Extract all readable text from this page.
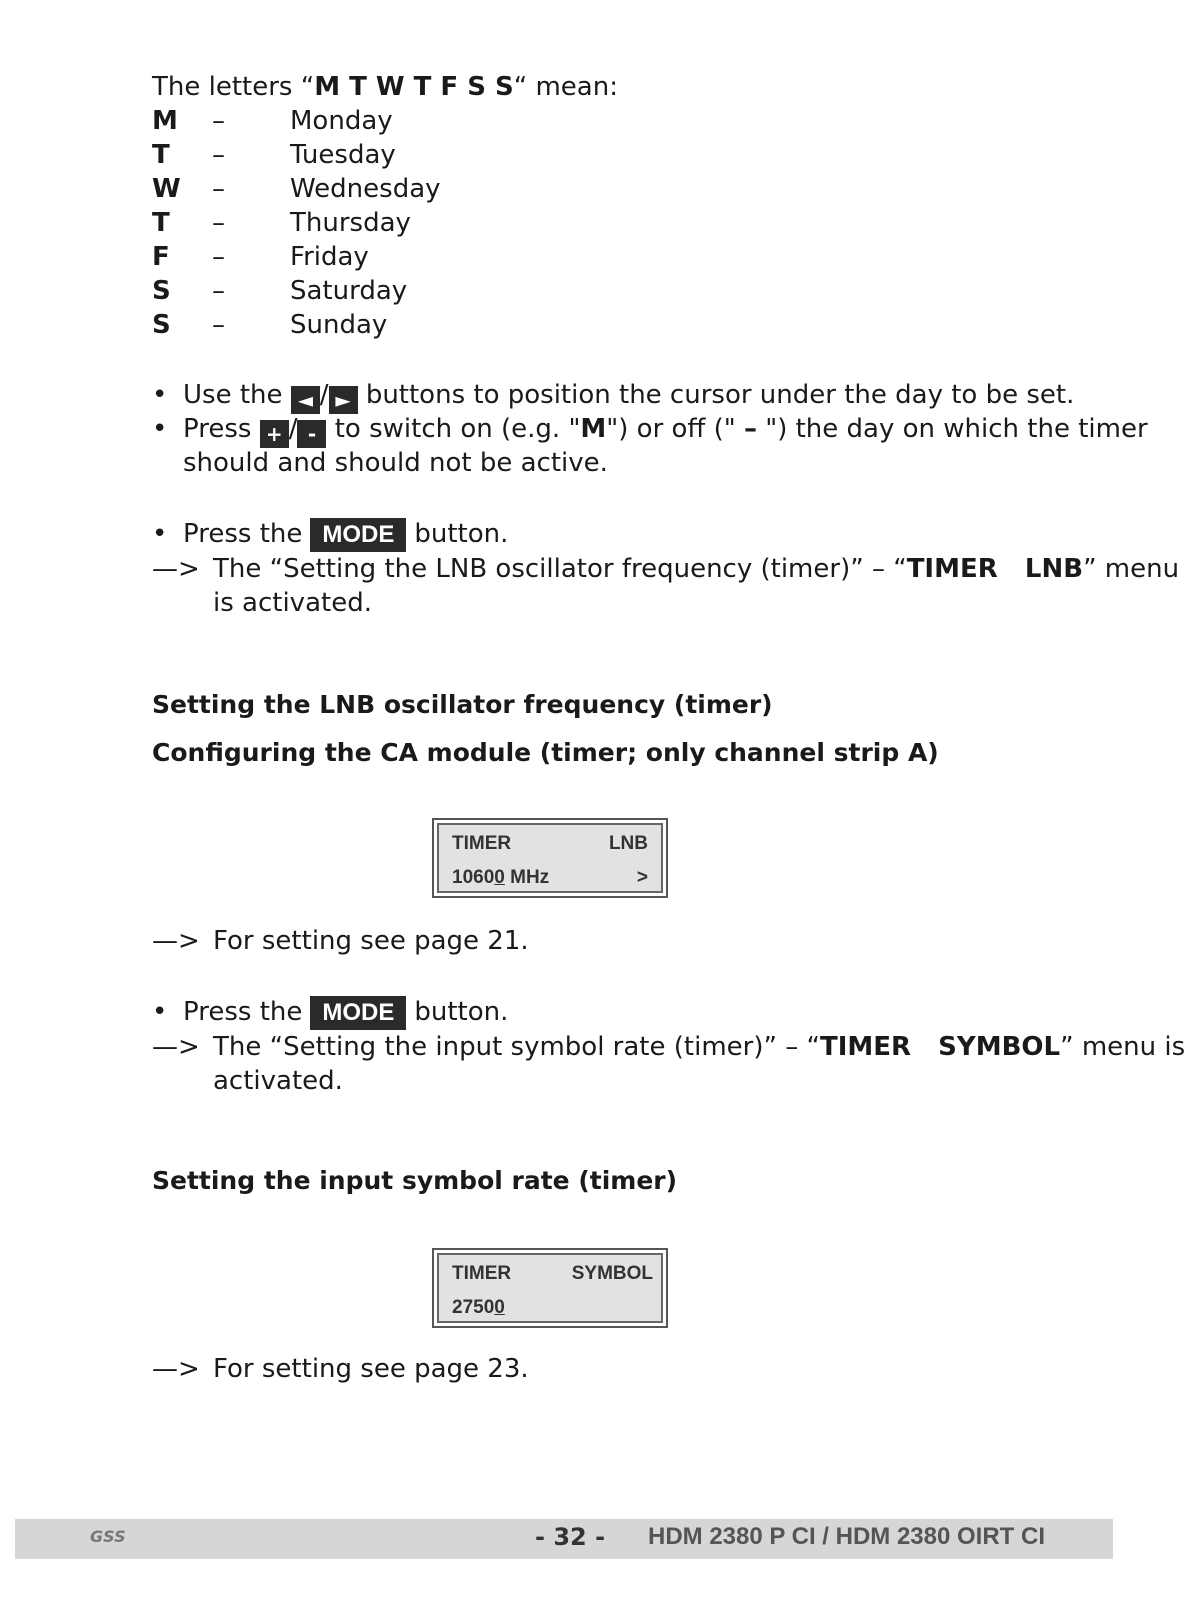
The letters “M T W T F S S“ mean:
M	–	Monday
T	–	Tuesday
W	–	Wednesday
T	–	Thursday
F	–	Friday
S	–	Saturday
S	–	Sunday
• Use the ◄ / ► buttons to position the cursor under the day to be set.
• Press + / - to switch on (e.g. "M") or off (" – ") the day on which the timer
should and should not be active.
• Press the MODE button.
—> The “Setting the LNB oscillator frequency (timer)” – “TIMER   LNB” menu
is activated.
Setting the LNB oscillator frequency (timer)
Configuring the CA module (timer; only channel strip A)
TIMER	LNB
10600 MHz	>
—> For setting see page 21.
• Press the MODE button.
—> The “Setting the input symbol rate (timer)” – “TIMER   SYMBOL” menu is
activated.
Setting the input symbol rate (timer)
TIMER	SYMBOL
27500
—> For setting see page 23.
GSS	- 32 - HDM 2380 P CI / HDM 2380 OIRT CI
